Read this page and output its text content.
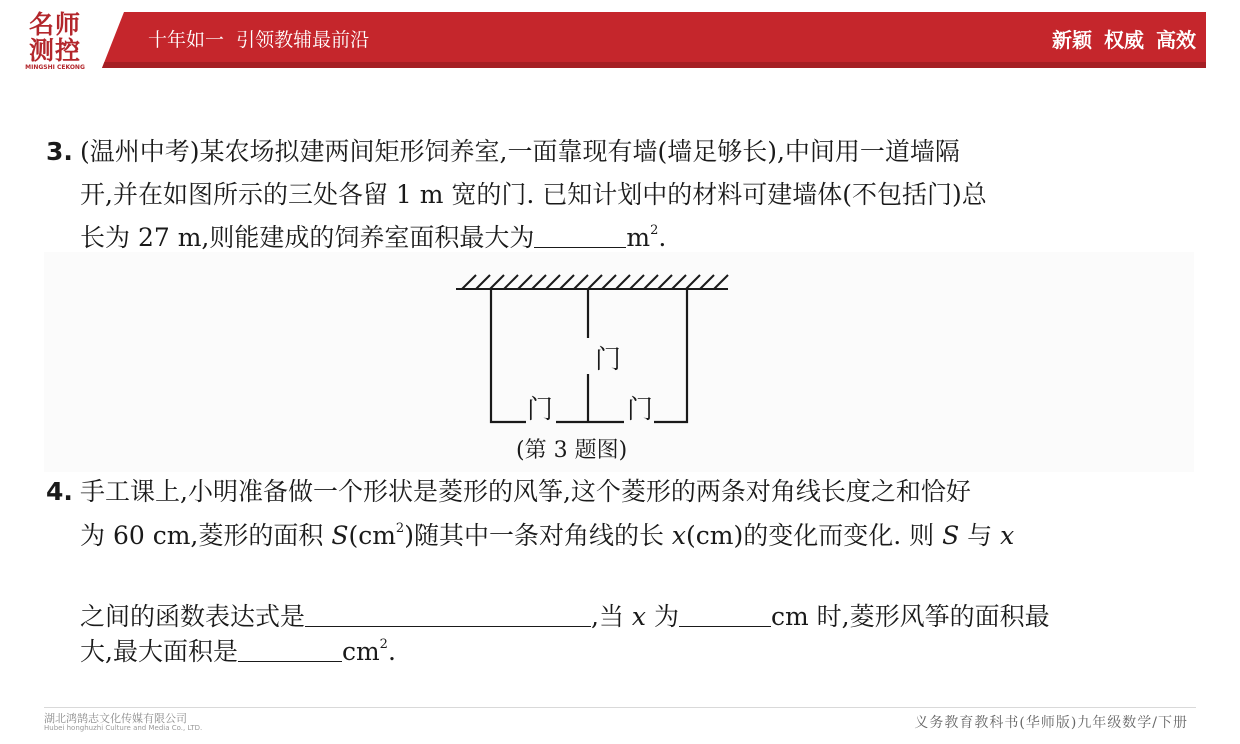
名师
测控
MINGSHI CEKONG
十年如一  引领教辅最前沿	新颖 权威 高效
3. (温州中考)某农场拟建两间矩形饲养室,一面靠现有墙(墙足够长),中间用一道墙隔
开,并在如图所示的三处各留 1 m 宽的门. 已知计划中的材料可建墙体(不包括门)总
长为 27 m,则能建成的饲养室面积最大为	$m^2$.
门
门
门
(第 3 题图)
4. 手工课上,小明准备做一个形状是菱形的风筝,这个菱形的两条对角线长度之和恰好
为 60 cm,菱形的面积 $S(cm^2)$随其中一条对角线的长 x(cm)的变化而变化. 则 S 与 x
之间的函数表达式是	,当 x 为	cm 时,菱形风筝的面积最
大,最大面积是	$cm^2$.
湖北鸿鹄志文化传媒有限公司
Hubei honghuzhi Culture and Media Co., LTD.	义务教育教科书(华师版)九年级数学/下册
